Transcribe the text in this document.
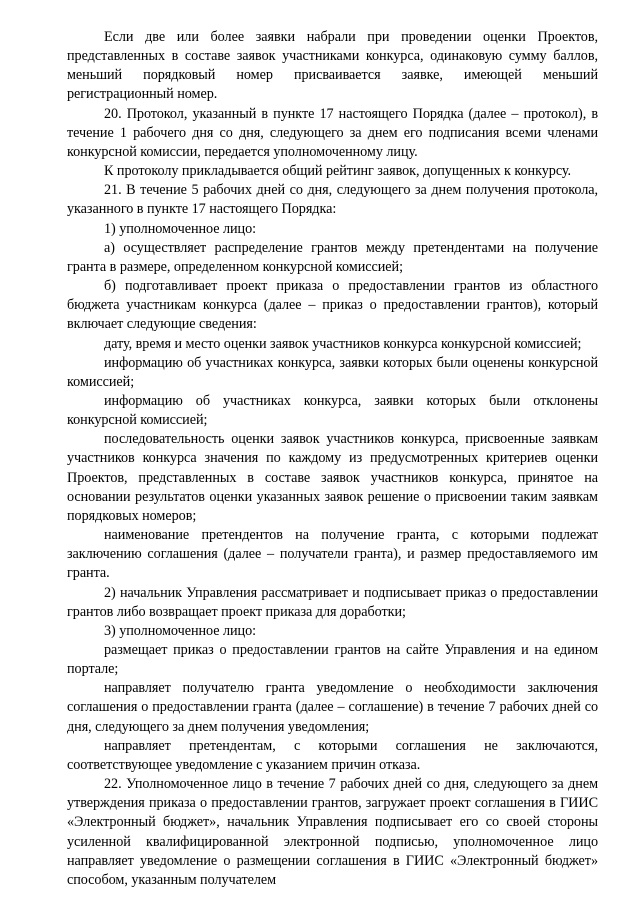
Если две или более заявки набрали при проведении оценки Проектов, представленных в составе заявок участниками конкурса, одинаковую сумму баллов, меньший порядковый номер присваивается заявке, имеющей меньший регистрационный номер.

20. Протокол, указанный в пункте 17 настоящего Порядка (далее – протокол), в течение 1 рабочего дня со дня, следующего за днем его подписания всеми членами конкурсной комиссии, передается уполномоченному лицу.

К протоколу прикладывается общий рейтинг заявок, допущенных к конкурсу.

21. В течение 5 рабочих дней со дня, следующего за днем получения протокола, указанного в пункте 17 настоящего Порядка:

1) уполномоченное лицо:

а) осуществляет распределение грантов между претендентами на получение гранта в размере, определенном конкурсной комиссией;

б) подготавливает проект приказа о предоставлении грантов из областного бюджета участникам конкурса (далее – приказ о предоставлении грантов), который включает следующие сведения:

дату, время и место оценки заявок участников конкурса конкурсной комиссией;

информацию об участниках конкурса, заявки которых были оценены конкурсной комиссией;

информацию об участниках конкурса, заявки которых были отклонены конкурсной комиссией;

последовательность оценки заявок участников конкурса, присвоенные заявкам участников конкурса значения по каждому из предусмотренных критериев оценки Проектов, представленных в составе заявок участников конкурса, принятое на основании результатов оценки указанных заявок решение о присвоении таким заявкам порядковых номеров;

наименование претендентов на получение гранта, с которыми подлежат заключению соглашения (далее – получатели гранта), и размер предоставляемого им гранта.

2) начальник Управления рассматривает и подписывает приказ о предоставлении грантов либо возвращает проект приказа для доработки;

3) уполномоченное лицо:

размещает приказ о предоставлении грантов на сайте Управления и на едином портале;

направляет получателю гранта уведомление о необходимости заключения соглашения о предоставлении гранта (далее – соглашение) в течение 7 рабочих дней со дня, следующего за днем получения уведомления;

направляет претендентам, с которыми соглашения не заключаются, соответствующее уведомление с указанием причин отказа.

22. Уполномоченное лицо в течение 7 рабочих дней со дня, следующего за днем утверждения приказа о предоставлении грантов, загружает проект соглашения в ГИИС «Электронный бюджет», начальник Управления подписывает его со своей стороны усиленной квалифицированной электронной подписью, уполномоченное лицо направляет уведомление о размещении соглашения в ГИИС «Электронный бюджет» способом, указанным получателем
